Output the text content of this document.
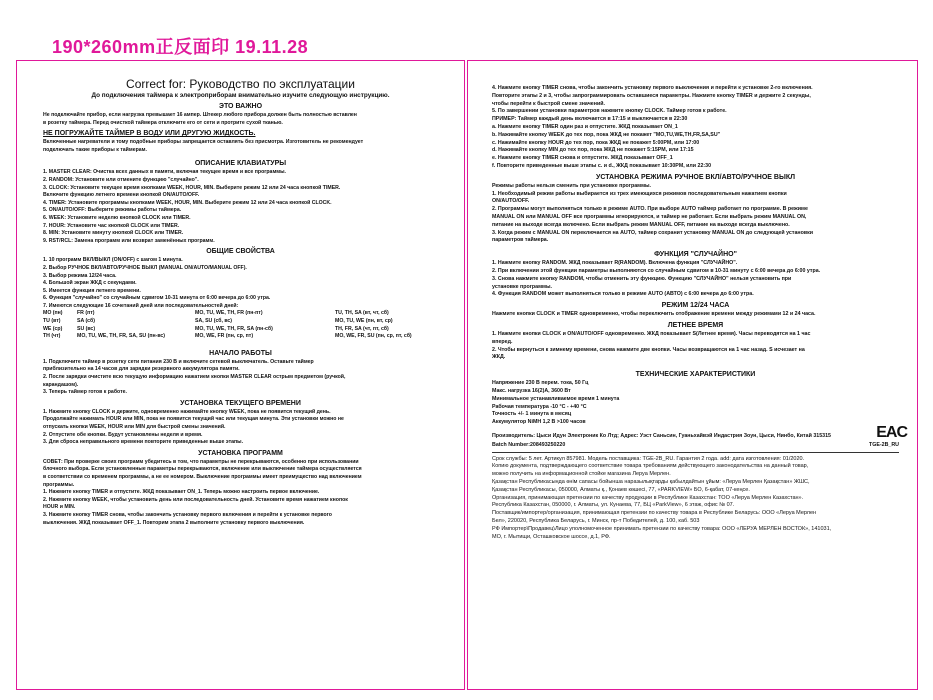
190*260mm正反面印 19.11.28
Correct for: Руководство по эксплуатации
До подключения таймера к электроприборам внимательно изучите следующую инструкцию.
ЭТО ВАЖНО

Не подключайте прибор, если нагрузка превышает 16 ампер. Штекер любого прибора должен быть полностью вставлен

в розетку таймера. Перед очисткой таймера отключите его от сети и протрите сухой тканью.

НЕ ПОГРУЖАЙТЕ ТАЙМЕР В ВОДУ ИЛИ ДРУГУЮ ЖИДКОСТЬ.

Включенные нагреватели и тому подобные приборы запрещается оставлять без присмотра. Изготовитель не рекомендует

подключать такие приборы к таймерам.

ОПИСАНИЕ КЛАВИАТУРЫ

1. MASTER CLEAR: Очистка всех данных в памяти, включая текущее время и все программы.

2. RANDOM: Установите или отмените функцию "случайно".

3. CLOCK: Установите текущее время кнопками WEEK, HOUR, MIN. Выберите режим 12 или 24 часа кнопкой TIMER.

Включите функцию летнего времени кнопкой ON/AUTO/OFF.

4. TIMER: Установите программы кнопками WEEK, HOUR, MIN. Выберите режим 12 или 24 часа кнопкой CLOCK.

5. ON/AUTO/OFF: Выберите режимы работы таймера.

6. WEEK: Установите неделю кнопкой CLOCK или TIMER.

7. HOUR: Установите час кнопкой CLOCK или TIMER.

8. MIN: Установите минуту кнопкой CLOCK или TIMER.

9. RST/RCL: Замена программ или возврат заменённых программ.

ОБЩИЕ СВОЙСТВА

1. 10 программ ВКЛ/ВЫКЛ (ON/OFF) с шагом 1 минута.

2. Выбор РУЧНОЕ ВКЛ/АВТО/РУЧНОЕ ВЫКЛ (MANUAL ON/AUTO/MANUAL OFF).

3. Выбор режима 12/24 часа.

4. Большой экран ЖКД с секундами.

5. Имеется функция летнего времени.

6. Функция "случайно" со случайным сдвигом 10-31 минута от 6:00 вечера до 6:00 утра.

7. Имеются следующие 16 сочетаний дней или последовательностей дней:

МО (пн)	FR (пт)	MO, TU, WE, TH, FR (пн-пт)	TU, TH, SA (вт, чт, сб)
TU (вт)	SA (сб)	SA, SU (сб, вс)	MO, TU, WE (пн, вт, ср)
WE (ср)	SU (вс)	MO, TU, WE, TH, FR, SA (пн-сб)	TH, FR, SA (чт, пт, сб)
TH (чт)	MO, TU, WE, TH, FR, SA, SU (пн-вс)	MO, WE, FR (пн, ср, пт)	MO, WE, FR, SU (пн, ср, пт, сб)
НАЧАЛО РАБОТЫ

1. Подключите таймер в розетку сети питания 230 В и включите сетевой выключатель. Оставьте таймер

приблизительно на 14 часов для зарядки резервного аккумулятора памяти.

2. После зарядки очистите всю текущую информацию нажатием кнопки MASTER CLEAR острым предметом (ручкой,

карандашом).

3. Теперь таймер готов к работе.

УСТАНОВКА ТЕКУЩЕГО ВРЕМЕНИ

1. Нажмите кнопку CLOCK и держите, одновременно нажимайте кнопку WEEK, пока не появится текущий день.

Продолжайте нажимать HOUR или MIN, пока не появится текущий час или текущая минута. Эти установки можно не

отпускать кнопки WEEK, HOUR или MIN для быстрой смены значений.

2. Отпустите обе кнопки. Будут установлены неделя и время.

3. Для сброса неправильного времени повторите приведенные выше этапы.

УСТАНОВКА ПРОГРАММ

СОВЕТ: При проверке своих программ убедитесь в том, что параметры не перекрываются, особенно при использовании

блочного выбора. Если установленные параметры перекрываются, включение или выключение таймера осуществляется

в соответствии со временем программы, а не ее номером. Выключение программы имеет преимущество над включением

программы.

1. Нажмите кнопку TIMER и отпустите. ЖКД показывает ON_1. Теперь можно настроить первое включение.

2. Нажмите кнопку WEEK, чтобы установить день или последовательность дней. Установите время нажатием кнопок

HOUR и MIN.

3. Нажмите кнопку TIMER снова, чтобы закончить установку первого включения и перейти к установке первого

выключения. ЖКД показывает OFF_1. Повторим этапа 2 выполните установку первого выключения.

4. Нажмите кнопку TIMER снова, чтобы закончить установку первого выключения и перейти к установке 2-го включения.

Повторите этапы 2 и 3, чтобы запрограммировать оставшиеся параметры. Нажмите кнопку TIMER и держите 2 секунды,

чтобы перейти к быстрой смене значений.

5. По завершении установки параметров нажмите кнопку CLOCK. Таймер готов к работе.

ПРИМЕР: Таймер каждый день включается в 17:15 и выключается в 22:30

a. Нажмите кнопку TIMER один раз и отпустите. ЖКД показывает ON_1

b. Нажимайте кнопку WEEK до тех пор, пока ЖКД не покажет "MO,TU,WE,TH,FR,SA,SU"

c. Нажимайте кнопку HOUR до тех пор, пока ЖКД не покажет 5:00PM, или 17:00

d. Нажимайте кнопку MIN до тех пор, пока ЖКД не покажет 5:15PM, или 17:15

e. Нажмите кнопку TIMER снова и отпустите. ЖКД показывает OFF_1

f. Повторите приведенные выше этапы c. и d., ЖКД показывает 10:30PM, или 22:30

УСТАНОВКА РЕЖИМА РУЧНОЕ ВКЛ/АВТО/РУЧНОЕ ВЫКЛ

Режимы работы нельзя сменить при установке программы.

1. Необходимый режим работы выбирается из трех имеющихся режимов последовательным нажатием кнопки

ON/AUTO/OFF.

2. Программы могут выполняться только в режиме AUTO. При выборе AUTO таймер работает по программе. В режиме

MANUAL ON или MANUAL OFF все программы игнорируются, и таймер не работает. Если выбрать режим MANUAL ON,

питание на выходе всегда включено. Если выбрать режим MANUAL OFF, питание на выходе всегда выключено.

3. Когда режим с MANUAL ON переключается на AUTO, таймер сохранит установку MANUAL ON до следующей установки

параметров таймера.

ФУНКЦИЯ "СЛУЧАЙНО"

1. Нажмите кнопку RANDOM. ЖКД показывает R(RANDOM). Включена функция "СЛУЧАЙНО".

2. При включении этой функции параметры выполняются со случайным сдвигом в 10-31 минуту с 6:00 вечера до 6:00 утра.

3. Снова нажмите кнопку RANDOM, чтобы отменить эту функцию. Функцию "СЛУЧАЙНО" нельзя установить при

установке программы.

4. Функция RANDOM может выполняться только в режиме AUTO (АВТО) с 6:00 вечера до 6:00 утра.

РЕЖИМ 12/24 ЧАСА

Нажмите кнопки CLOCK и TIMER одновременно, чтобы переключить отображение времени между режимами 12 и 24 часа.

ЛЕТНЕЕ ВРЕМЯ

1. Нажмите кнопки CLOCK и ON/AUTO/OFF одновременно. ЖКД показывает S(Летнее время). Часы переводятся на 1 час

вперед.

2. Чтобы вернуться к зимнему времени, снова нажмите две кнопки. Часы возвращаются на 1 час назад. S исчезает на

ЖКД.

ТЕХНИЧЕСКИЕ ХАРАКТЕРИСТИКИ

Напряжение 230 В перем. тока, 50 Гц

Макс. нагрузка 16(2)А, 3600 Вт

Минимальное устанавливаемое время 1 минута

Рабочая температура -10 °C - +40 °C

Точность +/- 1 минута в месяц

Аккумулятор NiMH 1,2 В >100 часов

Производитель: Цыси Идун Электроник Ко Лтд; Адрес: Уэст Саньсин, Гуаньхайвэй Индастрия Зоун, Цыси, Нинбо, Китай 315315

Batch Number:208493250220	TGE-2B_RU

Срок службы: 5 лет. Артикул 857981. Модель поставщика: TGE-2B_RU. Гарантия 2 года. add: дата изготовления: 01/2020.

Копию документа, подтверждающего соответствие товара требованиям действующего законодательства на данный товар,

можно получить на информационной стойке магазина Леруа Мерлен.

Қазақстан Республикасында өнім сапасы бойынша наразылықтарды қабылдайтын ұйым: «Леруа Мерлен Қазақстан» ЖШС,

Қазақстан Республикасы, 050000, Алматы қ., Қонаев көшесі, 77, «PARKVIEW» БО, 6-қабат, 07-кеңсе.

Организация, принимающая претензии по качеству продукции в Республике Казахстан: ТОО «Леруа Мерлен Казахстан».

Республика Казахстан, 050000, г. Алматы, ул. Кунаева, 77, БЦ «ParkView», 6 этаж, офис № 07.

Поставщик/импортер/организация, принимающая претензии по качеству товара в Республике Беларусь: ООО «Леруа Мерлен

Бел», 220020, Республика Беларусь, г. Минск, пр-т Победителей, д. 100, каб. 503

РФ Импортер\Продавец\Лицо уполномоченное принимать претензии по качеству товара: ООО «ЛЕРУА МЕРЛЕН ВОСТОК», 141031,

МО, г. Мытищи, Осташковское шоссе, д.1, РФ.

EAC
